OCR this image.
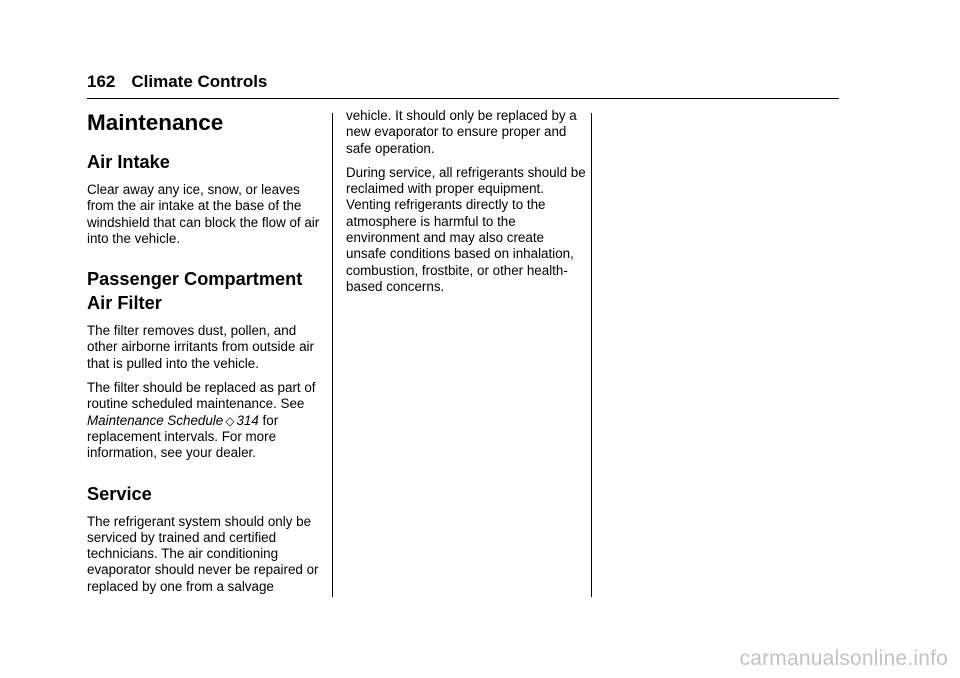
162 Climate Controls
Maintenance
Air Intake

Clear away any ice, snow, or leaves from the air intake at the base of the windshield that can block the flow of air into the vehicle.

Passenger Compartment
Air Filter

The filter removes dust, pollen, and other airborne irritants from outside air that is pulled into the vehicle.

The filter should be replaced as part of routine scheduled maintenance. See Maintenance Schedule ◇ 314 for replacement intervals. For more information, see your dealer.

Service

The refrigerant system should only be serviced by trained and certified technicians. The air conditioning evaporator should never be repaired or replaced by one from a salvage

vehicle. It should only be replaced by a new evaporator to ensure proper and safe operation.

During service, all refrigerants should be reclaimed with proper equipment. Venting refrigerants directly to the atmosphere is harmful to the environment and may also create unsafe conditions based on inhalation, combustion, frostbite, or other health-based concerns.

carmanualsonline.info
